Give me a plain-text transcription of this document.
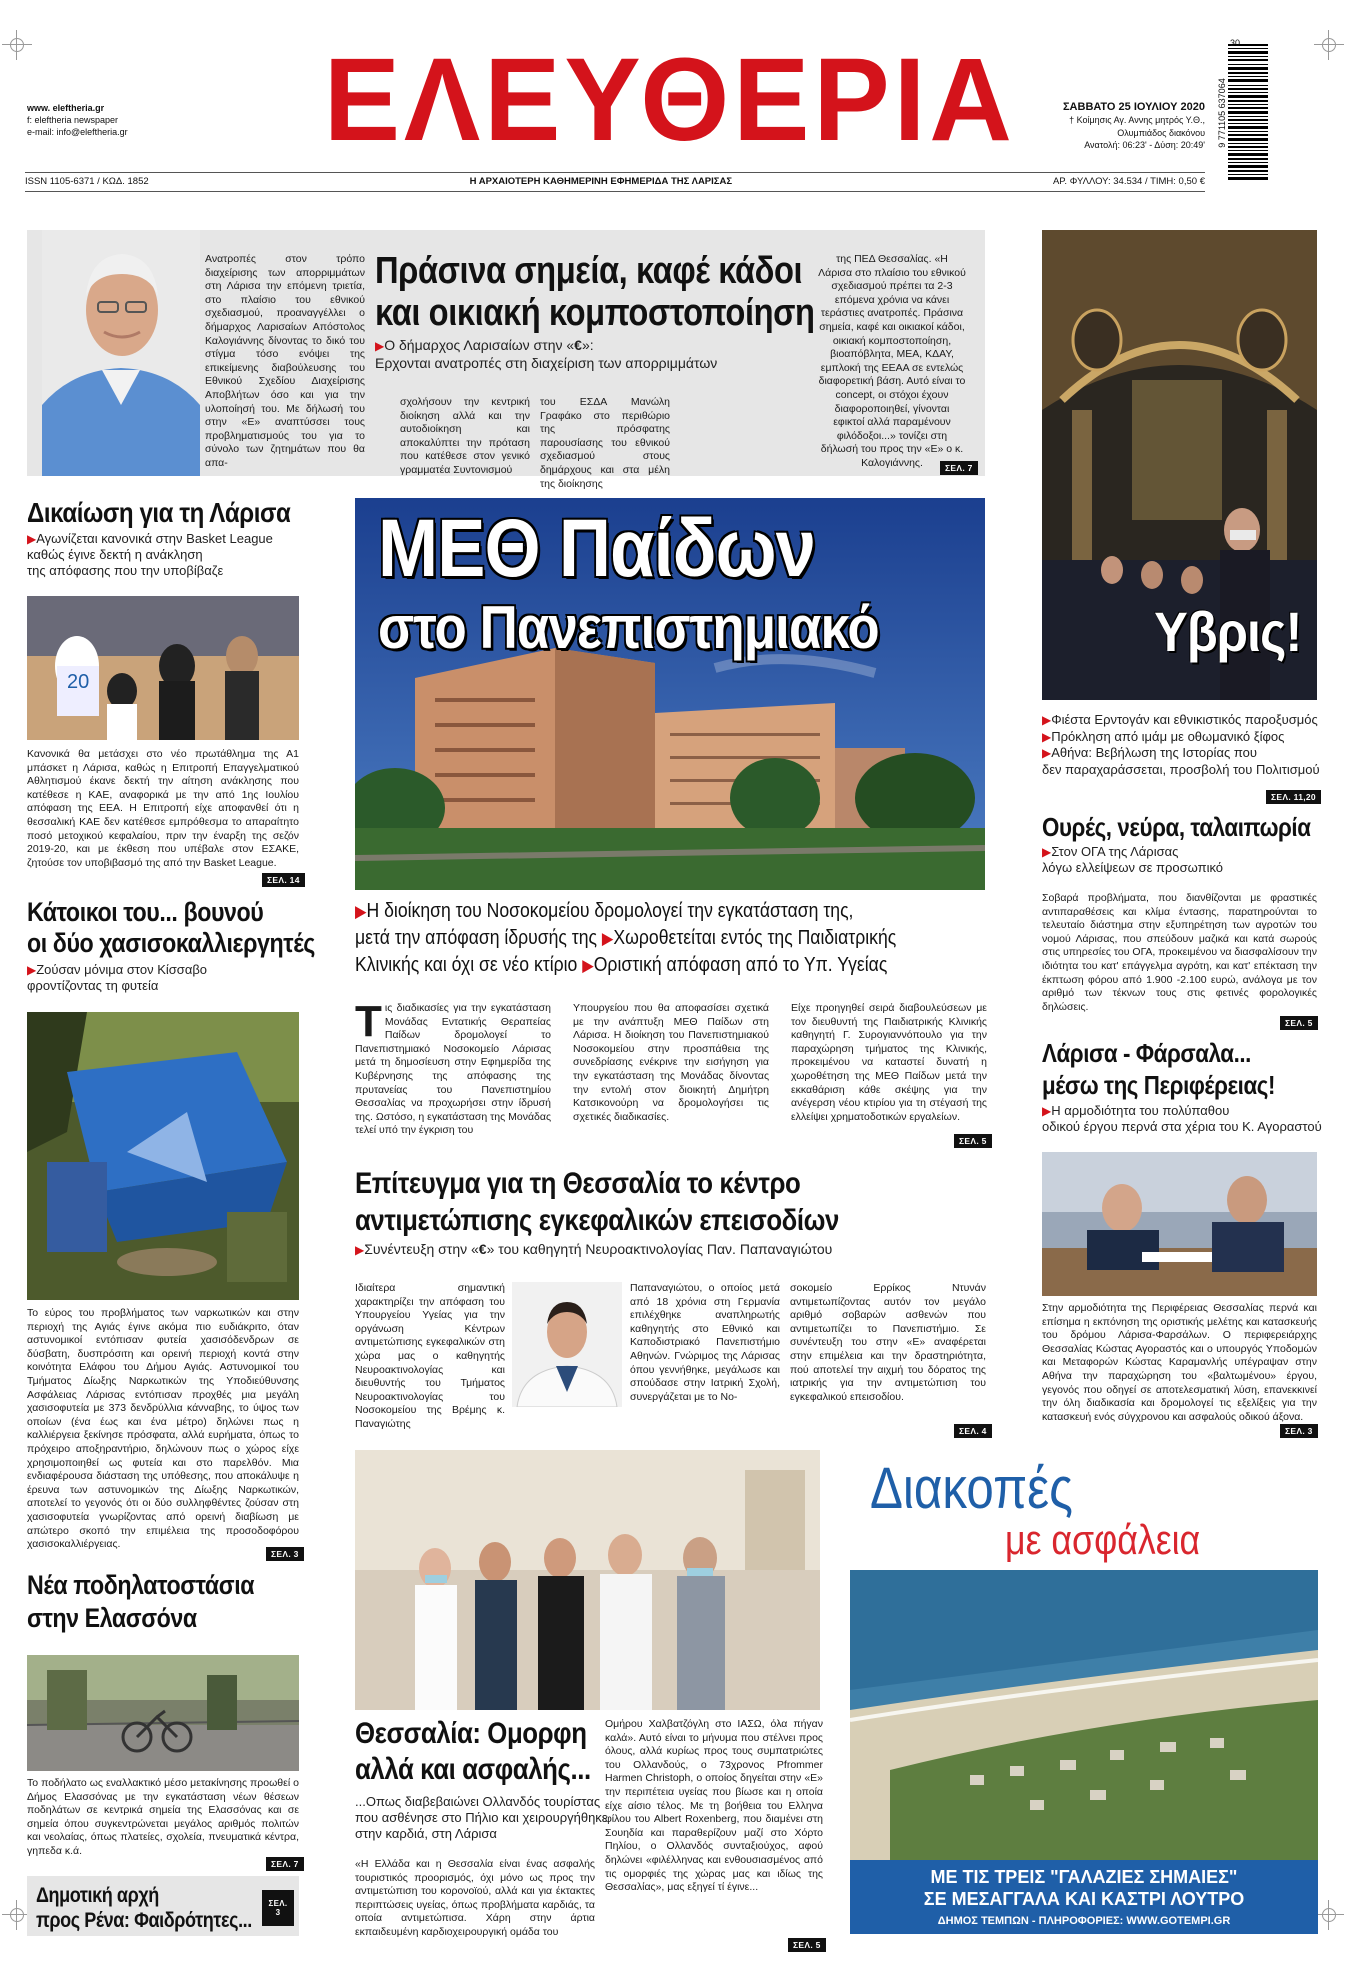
www. eleftheria.gr
f: eleftheria newspaper
e-mail: info@eleftheria.gr ΕΛΕΥΘΕΡΙΑ	ΣΑΒΒΑΤΟ 25 ΙΟΥΛΙΟΥ 2020
† Κοίμησις Αγ. Αννης μητρός Υ.Θ.,
Ολυμπιάδος διακόνου
Ανατολή: 06:23' - Δύση: 20:49' 9 771105 637064
30
ISSN 1105-6371 / ΚΩΔ. 1852	Η ΑΡΧΑΙΟΤΕΡΗ ΚΑΘΗΜΕΡΙΝΗ ΕΦΗΜΕΡΙΔΑ ΤΗΣ ΛΑΡΙΣΑΣ	ΑΡ. ΦΥΛΛΟΥ: 34.534 / ΤΙΜΗ: 0,50 €
Ανατροπές στον τρόπο διαχείρισης των απορριμμάτων στη Λάρισα την επόμενη τριετία, στο πλαίσιο του εθνικού σχεδιασμού, προαναγγέλλει ο δήμαρχος Λαρισαίων Απόστολος Καλογιάννης δίνοντας το δικό του στίγμα τόσο ενόψει της επικείμενης διαβούλευσης του Εθνικού Σχεδίου Διαχείρισης Αποβλήτων όσο και για την υλοποίησή του. Με δήλωσή του στην «Ε» αναπτύσσει τους προβληματισμούς του για το σύνολο των ζητημάτων που θα απα-
Πράσινα σημεία, καφέ κάδοι
και οικιακή κομποστοποίηση
▶Ο δήμαρχος Λαρισαίων στην «€»:
Ερχονται ανατροπές στη διαχείριση των απορριμμάτων
σχολήσουν την κεντρική διοίκηση αλλά και την αυτοδιοίκηση και αποκαλύπτει την πρόταση που κατέθεσε στον γενικό γραμματέα Συντονισμού
του ΕΣΔΑ Μανώλη Γραφάκο στο περιθώριο της πρόσφατης παρουσίασης του εθνικού σχεδιασμού στους δημάρχους και στα μέλη της διοίκησης
της ΠΕΔ Θεσσαλίας. «Η Λάρισα στο πλαίσιο του εθνικού σχεδιασμού πρέπει τα 2-3 επόμενα χρόνια να κάνει τεράστιες ανατροπές. Πράσινα σημεία, καφέ και οικιακοί κάδοι, οικιακή κομποστοποίηση, βιοαπόβλητα, ΜΕΑ, ΚΔΑΥ, εμπλοκή της ΕΕΑΑ σε εντελώς διαφορετική βάση. Αυτό είναι το concept, οι στόχοι έχουν διαφοροποιηθεί, γίνονται εφικτοί αλλά παραμένουν φιλόδοξοι...» τονίζει στη δήλωσή του προς την «Ε» ο κ. Καλογιάννης.	ΣΕΛ. 7
Δικαίωση για τη Λάρισα
▶Αγωνίζεται κανονικά στην Basket League
καθώς έγινε δεκτή η ανάκληση
της απόφασης που την υποβίβαζε
20
Κανονικά θα μετάσχει στο νέο πρωτάθλημα της Α1 μπάσκετ η Λάρισα, καθώς η Επιτροπή Επαγγελματικού Αθλητισμού έκανε δεκτή την αίτηση ανάκλησης που κατέθεσε η ΚΑΕ, αναφορικά με την από 1ης Ιουλίου απόφαση της ΕΕΑ. Η Επιτροπή είχε αποφανθεί ότι η θεσσαλική ΚΑΕ δεν κατέθεσε εμπρόθεσμα το απαραίτητο ποσό μετοχικού κεφαλαίου, πριν την έναρξη της σεζόν 2019-20, και με έκθεση που υπέβαλε στον ΕΣΑΚΕ, ζητούσε τον υποβιβασμό της από την Basket League.
ΣΕΛ. 14
Κάτοικοι του... βουνού
οι δύο χασισοκαλλιεργητές
▶Ζούσαν μόνιμα στον Κίσσαβο
φροντίζοντας τη φυτεία
Το εύρος του προβλήματος των ναρκωτικών και στην περιοχή της Αγιάς έγινε ακόμα πιο ευδιάκριτο, όταν αστυνομικοί εντόπισαν φυτεία χασισόδενδρων σε δύσβατη, δυσπρόσιτη και ορεινή περιοχή κοντά στην κοινότητα Ελάφου του Δήμου Αγιάς. Αστυνομικοί του Τμήματος Δίωξης Ναρκωτικών της Υποδιεύθυνσης Ασφάλειας Λάρισας εντόπισαν προχθές μια μεγάλη χασισοφυτεία με 373 δενδρύλλια κάνναβης, το ύψος των οποίων (ένα έως και ένα μέτρο) δηλώνει πως η καλλιέργεια ξεκίνησε πρόσφατα, αλλά ευρήματα, όπως το πρόχειρο αποξηραντήριο, δηλώνουν πως ο χώρος είχε χρησιμοποιηθεί ως φυτεία και στο παρελθόν. Μια ενδιαφέρουσα διάσταση της υπόθεσης, που αποκάλυψε η έρευνα των αστυνομικών της Δίωξης Ναρκωτικών, αποτελεί το γεγονός ότι οι δύο συλληφθέντες ζούσαν στη χασισοφυτεία γνωρίζοντας από ορεινή διαβίωση με απώτερο σκοπό την επιμέλεια της προσοδοφόρου χασισοκαλλιέργειας.
ΣΕΛ. 3
Νέα ποδηλατοστάσια
στην Ελασσόνα
Το ποδήλατο ως εναλλακτικό μέσο μετακίνησης προωθεί ο Δήμος Ελασσόνας με την εγκατάσταση νέων θέσεων ποδηλάτων σε κεντρικά σημεία της Ελασσόνας και σε σημεία όπου συγκεντρώνεται μεγάλος αριθμός πολιτών και νεολαίας, όπως πλατείες, σχολεία, πνευματικά κέντρα, γηπεδα κ.ά.
ΣΕΛ. 7
Δημοτική αρχή
προς Ρένα: Φαιδρότητες...
ΣΕΛ. 3
ΜΕΘ Παίδων
στο Πανεπιστημιακό
▶Η διοίκηση του Νοσοκομείου δρομολογεί την εγκατάσταση της,
μετά την απόφαση ίδρυσής της ▶Χωροθετείται εντός της Παιδιατρικής
Κλινικής και όχι σε νέο κτίριο ▶Οριστική απόφαση από το Υπ. Υγείας
Τις διαδικασίες για την εγκατάσταση Μονάδας Εντατικής Θεραπείας Παίδων δρομολογεί το Πανεπιστημιακό Νοσοκομείο Λάρισας μετά τη δημοσίευση στην Εφημερίδα της Κυβέρνησης της απόφασης της πρυτανείας του Πανεπιστημίου Θεσσαλίας να προχωρήσει στην ίδρυσή της. Ωστόσο, η εγκατάσταση της Μονάδας τελεί υπό την έγκριση του
Υπουργείου που θα αποφασίσει σχετικά με την ανάπτυξη ΜΕΘ Παίδων στη Λάρισα. Η διοίκηση του Πανεπιστημιακού Νοσοκομείου στην προσπάθεια της συνεδρίασης ενέκρινε την εισήγηση για την εγκατάσταση της Μονάδας δίνοντας την εντολή στον διοικητή Δημήτρη Κατσικονούρη να δρομολογήσει τις σχετικές διαδικασίες.
Είχε προηγηθεί σειρά διαβουλεύσεων με τον διευθυντή της Παιδιατρικής Κλινικής καθηγητή Γ. Συρογιαννόπουλο για την παραχώρηση τμήματος της Κλινικής, προκειμένου να καταστεί δυνατή η χωροθέτηση της ΜΕΘ Παίδων μετά την εκκαθάριση κάθε σκέψης για την ανέγερση νέου κτιρίου για τη στέγασή της ελλείψει χρηματοδοτικών εργαλείων.
ΣΕΛ. 5
Επίτευγμα για τη Θεσσαλία το κέντρο
αντιμετώπισης εγκεφαλικών επεισοδίων
▶Συνέντευξη στην «€» του καθηγητή Νευροακτινολογίας Παν. Παπαναγιώτου
Ιδιαίτερα σημαντική χαρακτηρίζει την απόφαση του Υπουργείου Υγείας για την οργάνωση Κέντρων αντιμετώπισης εγκεφαλικών στη χώρα μας ο καθηγητής Νευροακτινολογίας και διευθυντής του Τμήματος Νευροακτινολογίας του Νοσοκομείου της Βρέμης κ. Παναγιώτης
Παπαναγιώτου, ο οποίος μετά από 18 χρόνια στη Γερμανία επιλέχθηκε αναπληρωτής καθηγητής στο Εθνικό και Καποδιστριακό Πανεπιστήμιο Αθηνών. Γνώριμος της Λάρισας όπου γεννήθηκε, μεγάλωσε και σπούδασε στην Ιατρική Σχολή, συνεργάζεται με το Νο-
σοκομείο Ερρίκος Ντυνάν αντιμετωπίζοντας αυτόν τον μεγάλο αριθμό σοβαρών ασθενών που αντιμετωπίζει το Πανεπιστήμιο. Σε συνέντευξη του στην «Ε» αναφέρεται στην επιμέλεια και την δραστηριότητα, πού αποτελεί την αιχμή του δόρατος της ιατρικής για την αντιμετώπιση του εγκεφαλικού επεισοδίου.
ΣΕΛ. 4
Θεσσαλία: Ομορφη
αλλά και ασφαλής...
...Οπως διαβεβαιώνει Ολλανδός τουρίστας
που ασθένησε στο Πήλιο και χειρουργήθηκε
στην καρδιά, στη Λάρισα
«Η Ελλάδα και η Θεσσαλία είναι ένας ασφαλής τουριστικός προορισμός, όχι μόνο ως προς την αντιμετώπιση του κορονοϊού, αλλά και για έκτακτες περιπτώσεις υγείας, όπως προβλήματα καρδιάς, τα οποία αντιμετώπισα. Χάρη στην άρτια εκπαιδευμένη καρδιοχειρουργική ομάδα του
Ομήρου Χαλβατζόγλη στο ΙΑΣΩ, όλα πήγαν καλά». Αυτό είναι το μήνυμα που στέλνει προς όλους, αλλά κυρίως προς τους συμπατριώτες του Ολλανδούς, ο 73χρονος Pfrommer Harmen Christoph, ο οποίος δηγείται στην «Ε» την περιπέτεια υγείας που βίωσε και η οποία είχε αίσιο τέλος. Με τη βοήθεια του Ελληνα φίλου του Albert Roxenberg, που διαμένει στη Σουηδία και παραθερίζουν μαζί στο Χόρτο Πηλίου, ο Ολλανδός συνταξιούχος, αφού δηλώνει «φιλέλληνας και ενθουσιασμένος από τις ομορφιές της χώρας μας και ιδίως της Θεσσαλίας», μας εξηγεί τί έγινε...
ΣΕΛ. 5
Υβρις!
▶Φιέστα Ερντογάν και εθνικιστικός παροξυσμός
▶Πρόκληση από ιμάμ με οθωμανικό ξίφος
▶Αθήνα: Βεβήλωση της Ιστορίας που
δεν παραχαράσσεται, προσβολή του Πολιτισμού
ΣΕΛ. 11,20
Ουρές, νεύρα, ταλαιπωρία
▶Στον ΟΓΑ της Λάρισας
λόγω ελλείψεων σε προσωπικό
Σοβαρά προβλήματα, που διανθίζονται με φραστικές αντιπαραθέσεις και κλίμα έντασης, παρατηρούνται το τελευταίο διάστημα στην εξυπηρέτηση των αγροτών του νομού Λάρισας, που σπεύδουν μαζικά και κατά σωρούς στις υπηρεσίες του ΟΓΑ, προκειμένου να διασφαλίσουν την ιδιότητα του κατ' επάγγελμα αγρότη, και κατ' επέκταση την έκπτωση φόρου από 1.900 -2.100 ευρώ, ανάλογα με τον αριθμό των τέκνων τους στις φετινές φορολογικές δηλώσεις.
ΣΕΛ. 5
Λάρισα - Φάρσαλα...
μέσω της Περιφέρειας!
▶Η αρμοδιότητα του πολύπαθου
οδικού έργου περνά στα χέρια του Κ. Αγοραστού
Στην αρμοδιότητα της Περιφέρειας Θεσσαλίας περνά και επίσημα η εκπόνηση της οριστικής μελέτης και κατασκευής του δρόμου Λάρισα-Φαρσάλων. Ο περιφερειάρχης Θεσσαλίας Κώστας Αγοραστός και ο υπουργός Υποδομών και Μεταφορών Κώστας Καραμανλής υπέγραψαν στην Αθήνα την παραχώρηση του «βαλτωμένου» έργου, γεγονός που οδηγεί σε αποτελεσματική λύση, επανεκκινεί την όλη διαδικασία και δρομολογεί τις εξελίξεις για την κατασκευή ενός σύγχρονου και ασφαλούς οδικού άξονα.
ΣΕΛ. 3
Διακοπές
με ασφάλεια
ΜΕ ΤΙΣ ΤΡΕΙΣ "ΓΑΛΑΖΙΕΣ ΣΗΜΑΙΕΣ"
ΣΕ ΜΕΣΑΓΓΑΛΑ ΚΑΙ ΚΑΣΤΡΙ ΛΟΥΤΡΟ
ΔΗΜΟΣ ΤΕΜΠΩΝ - ΠΛΗΡΟΦΟΡΙΕΣ: WWW.GOTEMPI.GR
